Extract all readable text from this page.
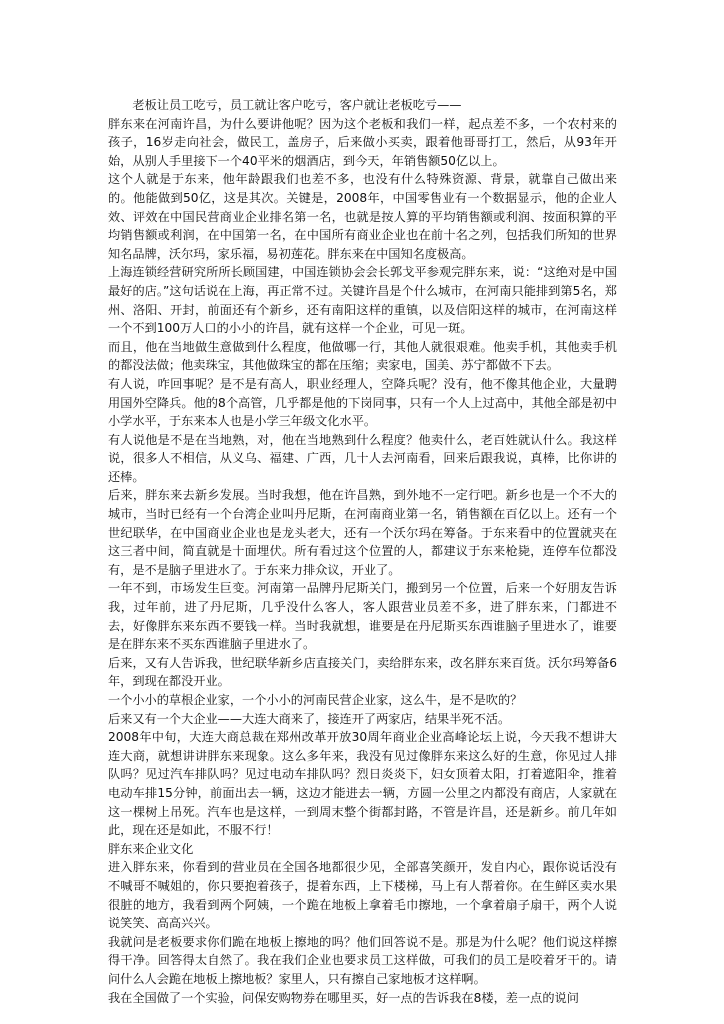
老板让员工吃亏，员工就让客户吃亏，客户就让老板吃亏——

胖东来在河南许昌，为什么要讲他呢？因为这个老板和我们一样，起点差不多，一个农村来的孩子，16岁走向社会，做民工，盖房子，后来做小买卖，跟着他哥哥打工，然后，从93年开始，从别人手里接下一个40平米的烟酒店，到今天，年销售额50亿以上。

这个人就是于东来，他年龄跟我们也差不多，也没有什么特殊资源、背景，就靠自己做出来的。他能做到50亿，这是其次。关键是，2008年，中国零售业有一个数据显示，他的企业人效、评效在中国民营商业企业排名第一名，也就是按人算的平均销售额或利润、按面积算的平均销售额或利润，在中国第一名，在中国所有商业企业也在前十名之列，包括我们所知的世界知名品牌，沃尔玛，家乐福，易初莲花。胖东来在中国知名度极高。

上海连锁经营研究所所长顾国建，中国连锁协会会长郭戈平参观完胖东来，说：“这绝对是中国最好的店。”这句话说在上海，再正常不过。关键许昌是个什么城市，在河南只能排到第5名，郑州、洛阳、开封，前面还有个新乡，还有南阳这样的重镇，以及信阳这样的城市，在河南这样一个不到100万人口的小小的许昌，就有这样一个企业，可见一斑。

而且，他在当地做生意做到什么程度，他做哪一行，其他人就很艰难。他卖手机，其他卖手机的都没法做；他卖珠宝，其他做珠宝的都在压缩；卖家电，国美、苏宁都做不下去。

有人说，咋回事呢？是不是有高人，职业经理人，空降兵呢？没有，他不像其他企业，大量聘用国外空降兵。他的8个高管，几乎都是他的下岗同事，只有一个人上过高中，其他全部是初中小学水平，于东来本人也是小学三年级文化水平。

有人说他是不是在当地熟，对，他在当地熟到什么程度？他卖什么，老百姓就认什么。我这样说，很多人不相信，从义乌、福建、广西，几十人去河南看，回来后跟我说，真棒，比你讲的还棒。

后来，胖东来去新乡发展。当时我想，他在许昌熟，到外地不一定行吧。新乡也是一个不大的城市，当时已经有一个台湾企业叫丹尼斯，在河南商业第一名，销售额在百亿以上。还有一个世纪联华，在中国商业企业也是龙头老大，还有一个沃尔玛在筹备。于东来看中的位置就夹在这三者中间，简直就是十面埋伏。所有看过这个位置的人，都建议于东来枪毙，连停车位都没有，是不是脑子里进水了。于东来力排众议，开业了。

一年不到，市场发生巨变。河南第一品牌丹尼斯关门，搬到另一个位置，后来一个好朋友告诉我，过年前，进了丹尼斯，几乎没什么客人，客人跟营业员差不多，进了胖东来，门都进不去，好像胖东来东西不要钱一样。当时我就想，谁要是在丹尼斯买东西谁脑子里进水了，谁要是在胖东来不买东西谁脑子里进水了。

后来，又有人告诉我，世纪联华新乡店直接关门，卖给胖东来，改名胖东来百货。沃尔玛筹备6年，到现在都没开业。

一个小小的草根企业家，一个小小的河南民营企业家，这么牛，是不是吹的？

后来又有一个大企业——大连大商来了，接连开了两家店，结果半死不活。

2008年中旬，大连大商总裁在郑州改革开放30周年商业企业高峰论坛上说，今天我不想讲大连大商，就想讲讲胖东来现象。这么多年来，我没有见过像胖东来这么好的生意，你见过人排队吗？见过汽车排队吗？见过电动车排队吗？烈日炎炎下，妇女顶着太阳，打着遮阳伞，推着电动车排15分钟，前面出去一辆，这边才能进去一辆，方圆一公里之内都没有商店，人家就在这一棵树上吊死。汽车也是这样，一到周末整个街都封路，不管是许昌，还是新乡。前几年如此，现在还是如此，不服不行！

胖东来企业文化

进入胖东来，你看到的营业员在全国各地都很少见，全部喜笑颜开，发自内心，跟你说话没有不喊哥不喊姐的，你只要抱着孩子，提着东西，上下楼梯，马上有人帮着你。在生鲜区卖水果很脏的地方，我看到两个阿姨，一个跪在地板上拿着毛巾擦地，一个拿着扇子扇干，两个人说说笑笑、高高兴兴。

我就问是老板要求你们跪在地板上擦地的吗？他们回答说不是。那是为什么呢？他们说这样擦得干净。回答得太自然了。我在我们企业也要求员工这样做，可我们的员工是咬着牙干的。请问什么人会跪在地板上擦地板？家里人，只有擦自己家地板才这样啊。

我在全国做了一个实验，问保安购物券在哪里买，好一点的告诉我在8楼，差一点的说问
